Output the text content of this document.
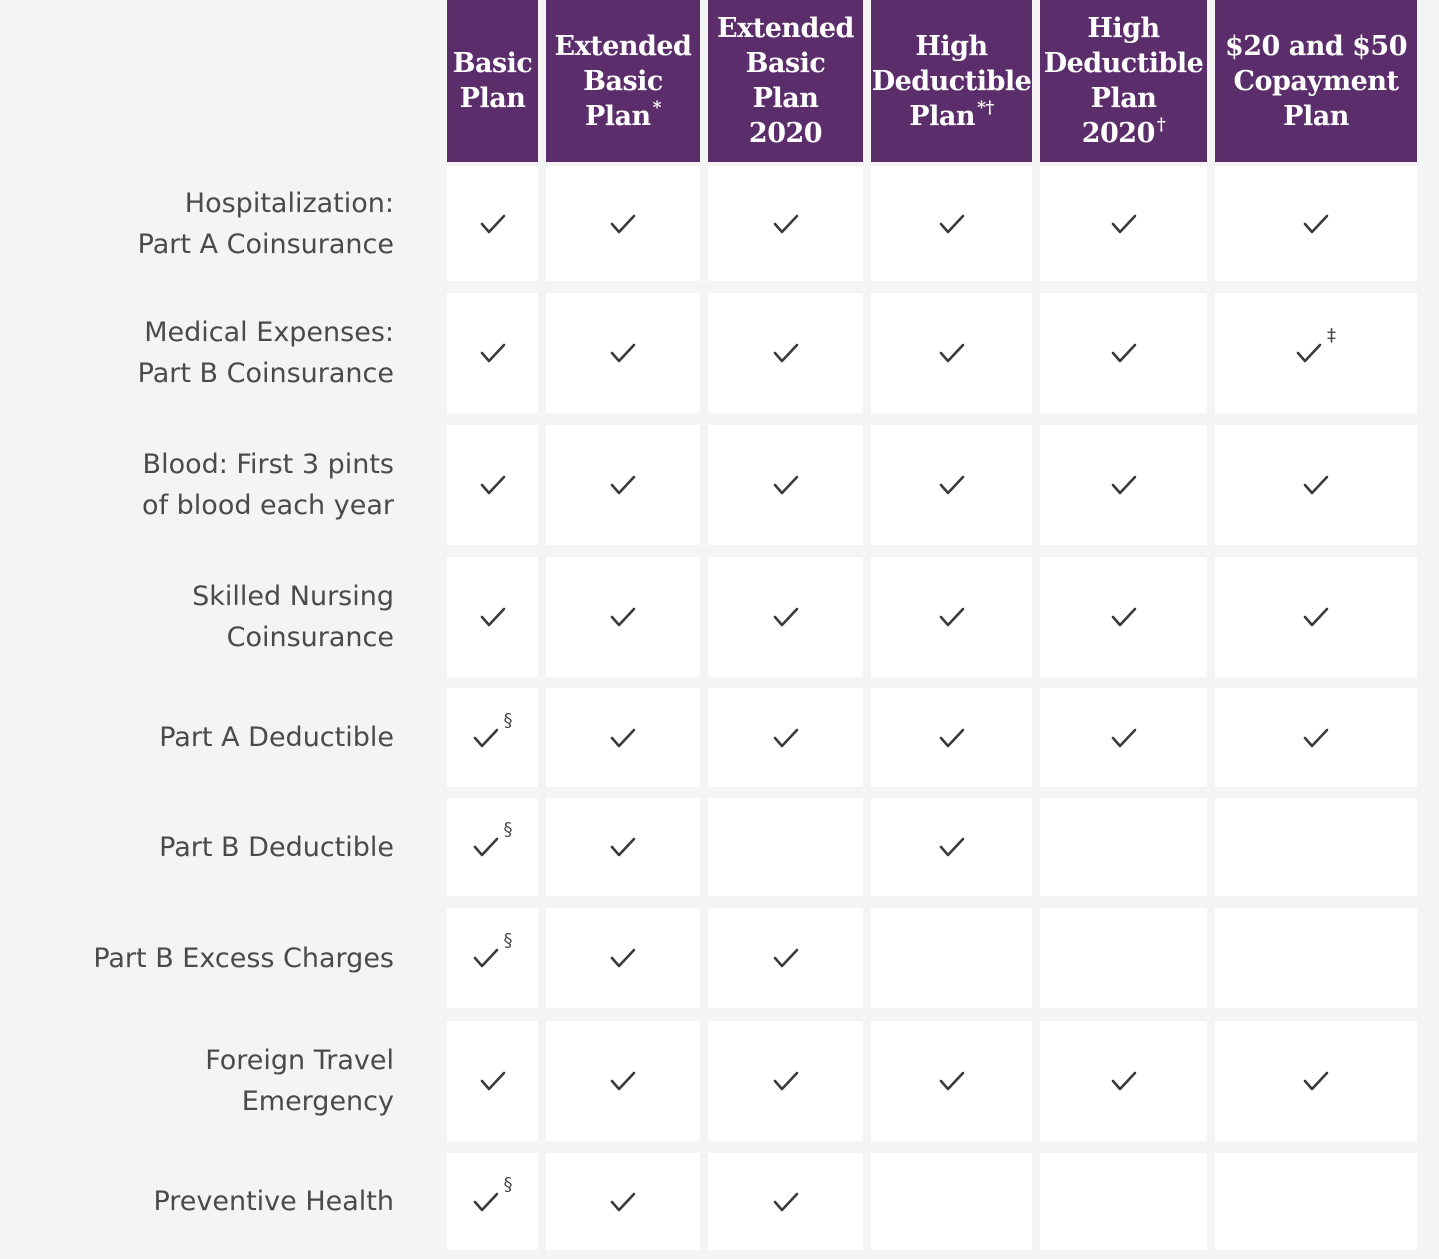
Basic
Plan
Extended
Basic
Plan *
Extended
Basic Plan
2020
High
Deductible
Plan *†
High
Deductible
Plan
2020 †
$20 and $50
Copayment
Plan
Hospitalization:
Part A Coinsurance
Medical Expenses:
Part B Coinsurance
‡
Blood: First 3 pints
of blood each year
Skilled Nursing
Coinsurance
Part A Deductible
§
Part B Deductible
§
Part B Excess Charges
§
Foreign Travel
Emergency
Preventive Health
§
